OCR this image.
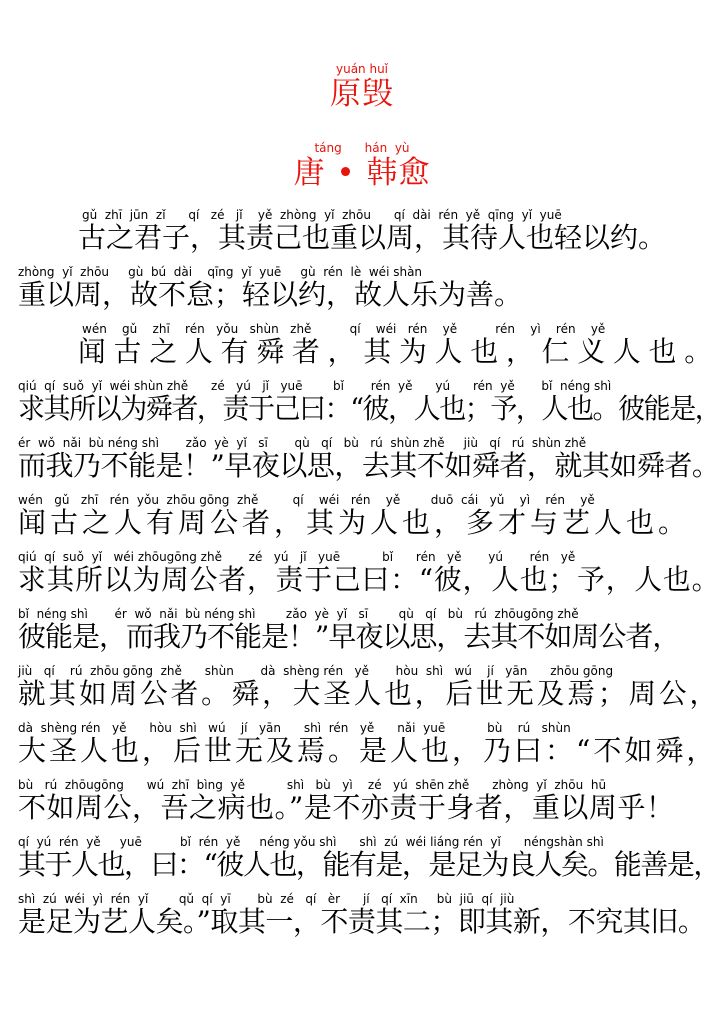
yuán huǐ
原毁
táng      hán  yù
唐 • 韩愈
gǔ  zhī  jūn  zǐ      qí   zé   jǐ    yě  zhòng  yǐ  zhōu      qí  dài  rén  yě  qīng  yǐ  yuē
古之君子，其责己也重以周，其待人也轻以约。
zhòng  yǐ  zhōu     gù  bú  dài    qīng  yǐ  yuē     gù  rén  lè  wéi shàn
重以周，故不怠；轻以约，故人乐为善。
wén    gǔ    zhī    rén   yǒu   shùn   zhě          qí    wéi   rén    yě          rén    yì    rén    yě
闻古之人有舜者，其为人也，仁义人也。
qiú  qí  suǒ  yǐ  wéi shùn zhě      zé   yú   jǐ   yuē        bǐ       rén  yě      yú      rén  yě       bǐ  néng shì
求其所以为舜者，责于己曰：“彼，人也；予，人也。彼能是，
ér  wǒ  nǎi  bù néng shì       zǎo  yè  yǐ   sī       qù   qí   bù   rú  shùn zhě     jiù   qí   rú  shùn zhě
而我乃不能是！”早夜以思，去其不如舜者，就其如舜者。
wén   gǔ   zhī   rén  yǒu  zhōu gōng  zhě         qí    wéi   rén    yě        duō  cái   yǔ    yì    rén    yě
闻古之人有周公者，其为人也，多才与艺人也。
qiú  qí  suǒ  yǐ   wéi zhōugōng zhě       zé   yú   jǐ   yuē           bǐ      rén   yě       yú       rén   yě
求其所以为周公者，责于己曰：“彼，人也；予，人也。
bǐ  néng shì       ér  wǒ  nǎi  bù néng shì        zǎo  yè  yǐ   sī        qù   qí   bù   rú  zhōugōng zhě
彼能是，而我乃不能是！”早夜以思，去其不如周公者，
jiù   qí    rú  zhōu gōng  zhě      shùn       dà  shèng rén   yě       hòu  shì   wú    jí   yān      zhōu gōng
就其如周公者。舜，大圣人也，后世无及焉；周公，
dà  shèng rén   yě      hòu  shì   wú    jí   yān      shì  rén   yě      nǎi  yuē           bù    rú   shùn
大圣人也，后世无及焉。是人也，乃曰：“不如舜，
bù   rú  zhōugōng      wú  zhī  bìng  yě           shì   bù   yì    zé   yú  shēn zhě      zhòng  yǐ  zhōu  hū
不如周公，吾之病也。”是不亦责于身者，重以周乎！
qí  yú  rén  yě     yuē          bǐ  rén  yě     néng yǒu shì      shì  zú  wéi liáng rén  yǐ      néngshàn shì
其于人也，曰：“彼人也，能有是，是足为良人矣。能善是，
shì  zú  wéi  yì  rén  yǐ        qǔ  qí  yī       bù  zé   qí   èr      jí   qí  xīn     bù  jiū  qí  jiù
是足为艺人矣。”取其一，不责其二；即其新，不究其旧。
